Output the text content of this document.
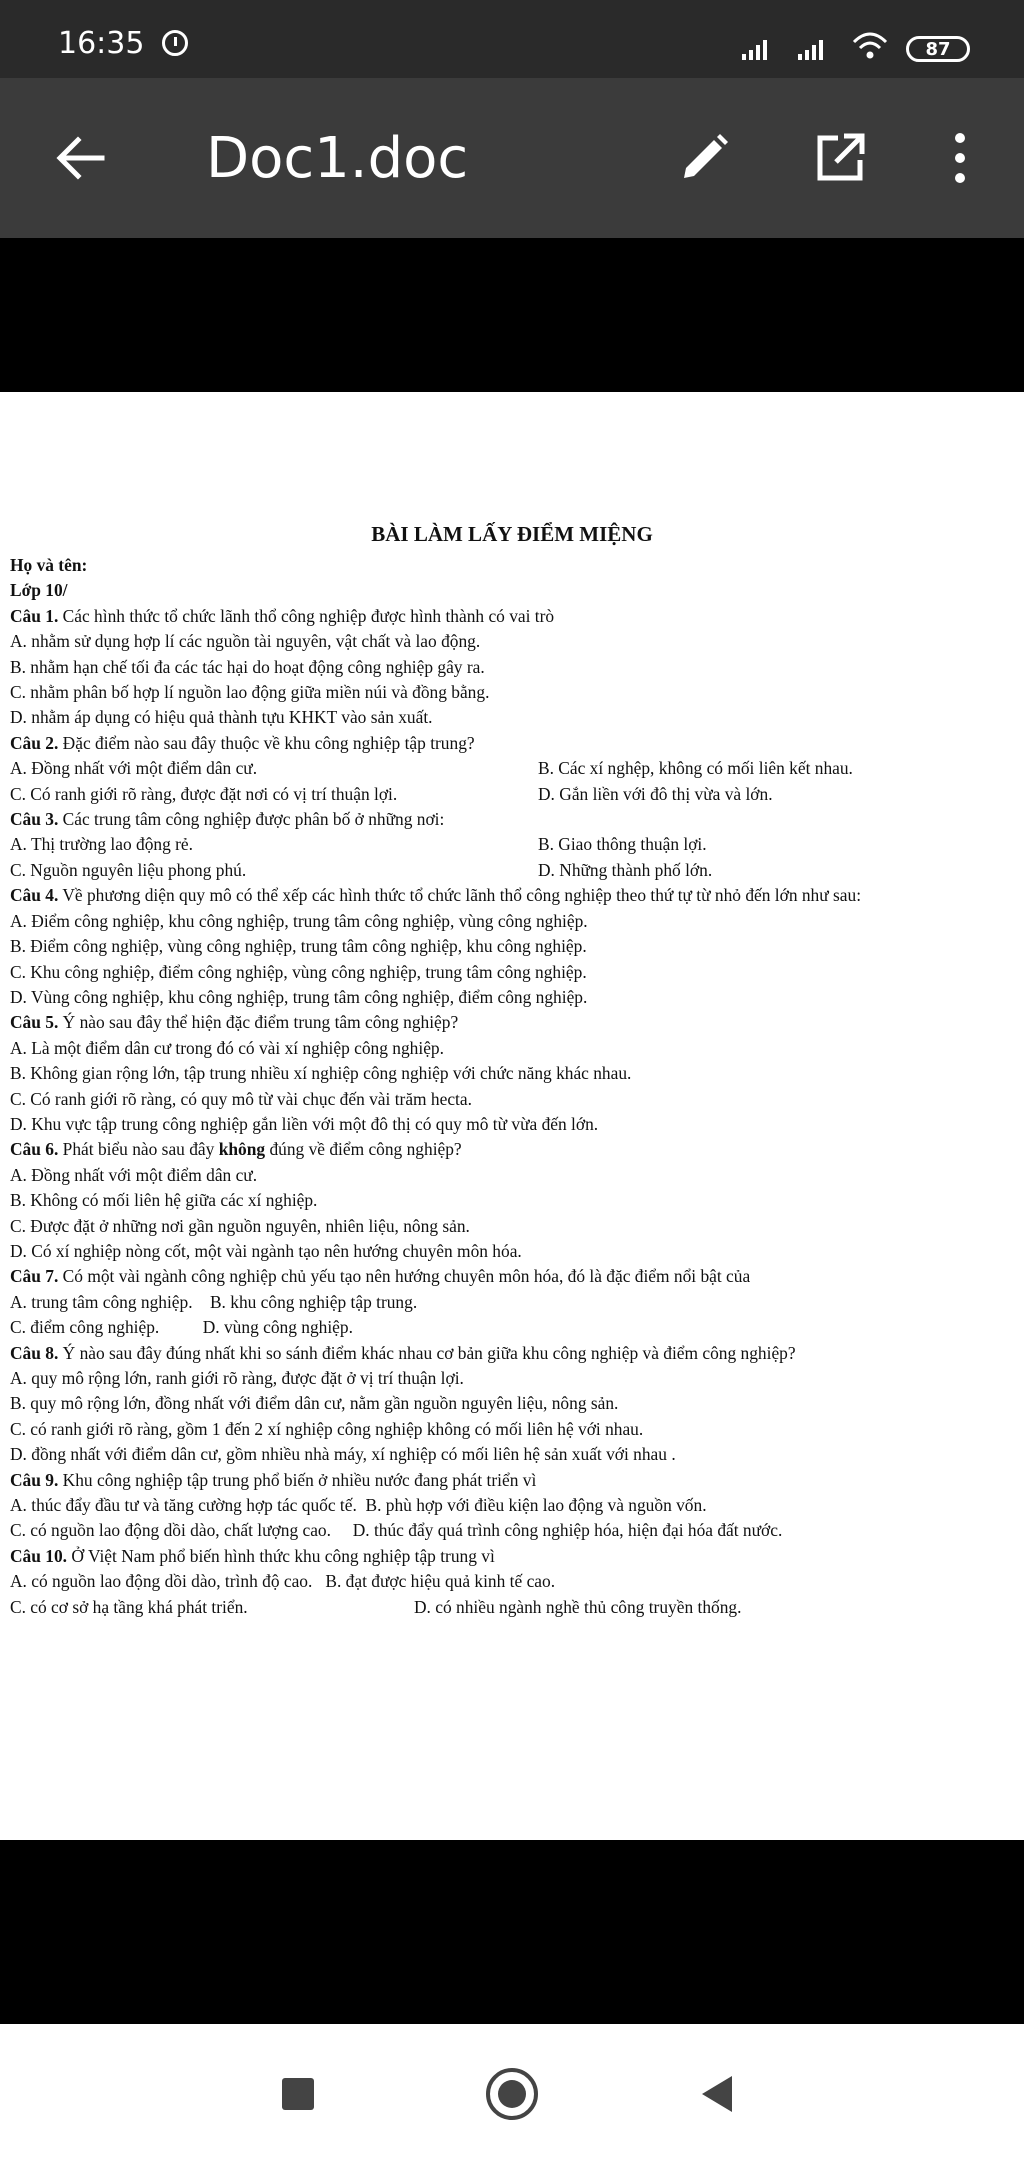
16:35	87
Doc1.doc
BÀI LÀM LẤY ĐIỂM MIỆNG
Họ và tên:
Lớp 10/
Câu 1. Các hình thức tổ chức lãnh thổ công nghiệp được hình thành có vai trò
A. nhằm sử dụng hợp lí các nguồn tài nguyên, vật chất và lao động.
B. nhằm hạn chế tối đa các tác hại do hoạt động công nghiệp gây ra.
C. nhằm phân bố hợp lí nguồn lao động giữa miền núi và đồng bằng.
D. nhằm áp dụng có hiệu quả thành tựu KHKT vào sản xuất.
Câu 2. Đặc điểm nào sau đây thuộc về khu công nghiệp tập trung?
A. Đồng nhất với một điểm dân cư.	B. Các xí nghệp, không có mối liên kết nhau.
C. Có ranh giới rõ ràng, được đặt nơi có vị trí thuận lợi.	D. Gắn liền với đô thị vừa và lớn.
Câu 3. Các trung tâm công nghiệp được phân bố ở những nơi:
A. Thị trường lao động rẻ.	B. Giao thông thuận lợi.
C. Nguồn nguyên liệu phong phú.	D. Những thành phố lớn.
Câu 4. Về phương diện quy mô có thể xếp các hình thức tổ chức lãnh thổ công nghiệp theo thứ tự từ nhỏ đến lớn như sau:
A. Điểm công nghiệp, khu công nghiệp, trung tâm công nghiệp, vùng công nghiệp.
B. Điểm công nghiệp, vùng công nghiệp, trung tâm công nghiệp, khu công nghiệp.
C. Khu công nghiệp, điểm công nghiệp, vùng công nghiệp, trung tâm công nghiệp.
D. Vùng công nghiệp, khu công nghiệp, trung tâm công nghiệp, điểm công nghiệp.
Câu 5. Ý nào sau đây thể hiện đặc điểm trung tâm công nghiệp?
A. Là một điểm dân cư trong đó có vài xí nghiệp công nghiệp.
B. Không gian rộng lớn, tập trung nhiều xí nghiệp công nghiệp với chức năng khác nhau.
C. Có ranh giới rõ ràng, có quy mô từ vài chục đến vài trăm hecta.
D. Khu vực tập trung công nghiệp gắn liền với một đô thị có quy mô từ vừa đến lớn.
Câu 6. Phát biểu nào sau đây không đúng về điểm công nghiệp?
A. Đồng nhất với một điểm dân cư.
B. Không có mối liên hệ giữa các xí nghiệp.
C. Được đặt ở những nơi gần nguồn nguyên, nhiên liệu, nông sản.
D. Có xí nghiệp nòng cốt, một vài ngành tạo nên hướng chuyên môn hóa.
Câu 7. Có một vài ngành công nghiệp chủ yếu tạo nên hướng chuyên môn hóa, đó là đặc điểm nổi bật của
A. trung tâm công nghiệp.    B. khu công nghiệp tập trung.
C. điểm công nghiệp.          D. vùng công nghiệp.
Câu 8. Ý nào sau đây đúng nhất khi so sánh điểm khác nhau cơ bản giữa khu công nghiệp và điểm công nghiệp?
A. quy mô rộng lớn, ranh giới rõ ràng, được đặt ở vị trí thuận lợi.
B. quy mô rộng lớn, đồng nhất với điểm dân cư, nằm gần nguồn nguyên liệu, nông sản.
C. có ranh giới rõ ràng, gồm 1 đến 2 xí nghiệp công nghiệp không có mối liên hệ với nhau.
D. đồng nhất với điểm dân cư, gồm nhiều nhà máy, xí nghiệp có mối liên hệ sản xuất với nhau .
Câu 9. Khu công nghiệp tập trung phổ biến ở nhiều nước đang phát triển vì
A. thúc đẩy đầu tư và tăng cường hợp tác quốc tế.  B. phù hợp với điều kiện lao động và nguồn vốn.
C. có nguồn lao động dồi dào, chất lượng cao.     D. thúc đẩy quá trình công nghiệp hóa, hiện đại hóa đất nước.
Câu 10. Ở Việt Nam phổ biến hình thức khu công nghiệp tập trung vì
A. có nguồn lao động dồi dào, trình độ cao.   B. đạt được hiệu quả kinh tế cao.
C. có cơ sở hạ tầng khá phát triển.	D. có nhiều ngành nghề thủ công truyền thống.
